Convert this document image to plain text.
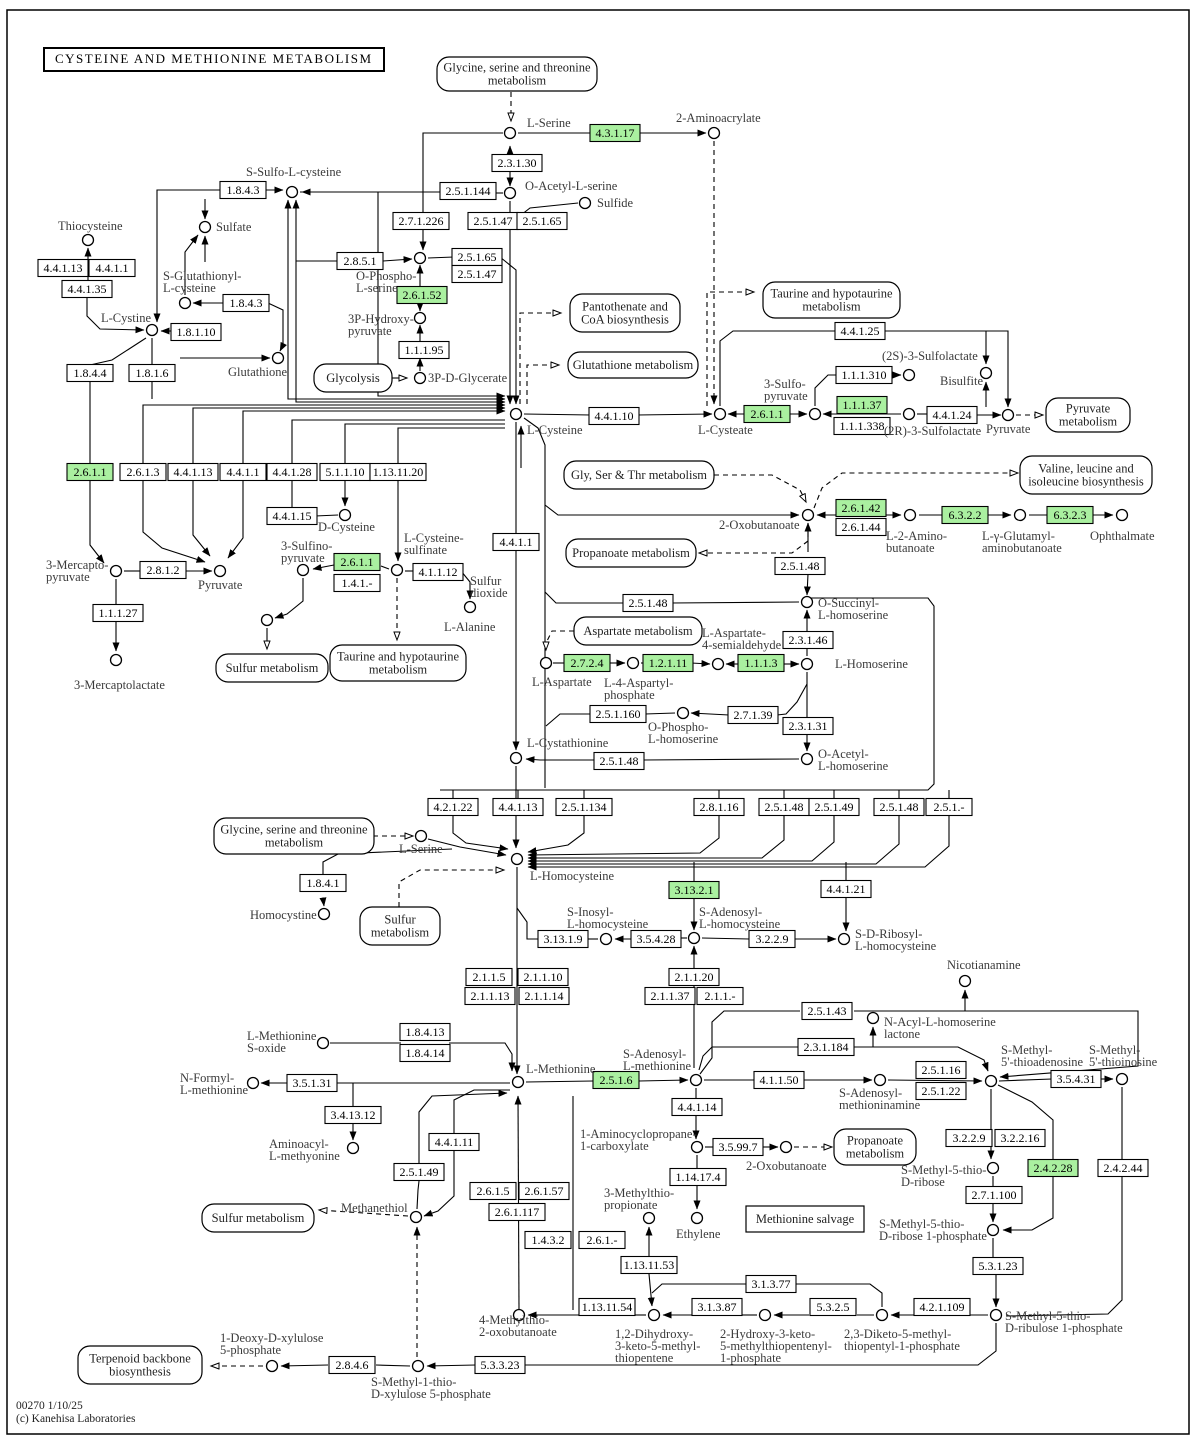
Glycine, serine and threonine metabolism
Pantothenate and CoA biosynthesis
Glutathione metabolism
Taurine and hypotaurine metabolism
Pyruvate metabolism
Glycolysis
Gly, Ser & Thr metabolism	Valine, leucine and isoleucine biosynthesis
Propanoate metabolism
Aspartate metabolism
Sulfur metabolism
Taurine and hypotaurine metabolism
Glycine, serine and threonine metabolism
Sulfur metabolism
Propanoate metabolism
Sulfur metabolism
Terpenoid backbone biosynthesis
Methionine salvage
2.3.1.30
4.3.1.17
2.5.1.144
2.7.1.226	2.5.1.47 2.5.1.65
2.5.1.65
2.5.1.47
1.8.4.3
4.4.1.13 4.4.1.1
4.4.1.35
1.8.1.10
1.8.4.3
1.8.4.4 1.8.1.6
2.8.5.1
2.6.1.52
1.1.1.95
4.4.1.10	2.6.1.1
1.1.1.37
1.1.1.338
1.1.1.310
4.4.1.24
4.4.1.25
2.6.1.1 2.6.1.3 4.4.1.13 4.4.1.1 4.4.1.28 5.1.1.10 1.13.11.20
4.4.1.15
4.4.1.1
2.8.1.2
2.6.1.1
1.4.1.-
4.1.1.12
1.1.1.27
2.6.1.42
2.6.1.44
6.3.2.2	6.3.2.3
2.5.1.48
2.5.1.48
2.3.1.46
2.7.2.4	1.2.1.11	1.1.1.3
2.5.1.160	2.7.1.39
2.3.1.31
2.5.1.48
4.2.1.22 4.4.1.13 2.5.1.134	2.8.1.16 2.5.1.48 2.5.1.49 2.5.1.48 2.5.1.-
1.8.4.1	3.13.2.1	4.4.1.21
3.13.1.9	3.5.4.28	3.2.2.9
2.1.1.5 2.1.1.10
2.1.1.13 2.1.1.14
2.1.1.20
2.1.1.37 2.1.1.-
2.5.1.43
2.3.1.184
1.8.4.13
1.8.4.14
3.5.1.31
3.4.13.12
4.4.1.11
2.5.1.49
2.5.1.6	4.1.1.50
2.5.1.16
2.5.1.22
4.4.1.14
3.5.99.7
1.14.17.4
3.5.4.31
3.2.2.9 3.2.2.16
2.4.2.28	2.4.2.44
2.7.1.100
2.6.1.5 2.6.1.57
2.6.1.117
1.4.3.2 2.6.1.-
1.13.11.53	5.3.1.23
3.1.3.77
1.13.11.54	3.1.3.87	5.3.2.5	4.2.1.109
2.8.4.6	5.3.3.23
L-Serine	2-Aminoacrylate
O-Acetyl-L-serine
Sulfide
S-Sulfo-L-cysteine
Sulfate
Thiocysteine
S-Glutathionyl-L-cysteine
L-Cystine
Glutathione
O-Phospho-L-serine
3P-Hydroxy-pyruvate
3P-D-Glycerate
L-Cysteine	L-Cysteate
3-Sulfo-pyruvate
(2S)-3-Sulfolactate
Bisulfite
(2R)-3-Sulfolactate Pyruvate
D-Cysteine
L-Cysteine-sulfinate
3-Sulfino-pyruvate
3-Mercapto-pyruvate
Pyruvate	Sulfur dioxide
L-Alanine
3-Mercaptolactate
2-Oxobutanoate
L-2-Amino-butanoate
L-γ-Glutamyl-aminobutanoate
Ophthalmate
L-Aspartate L-4-Aspartyl-phosphate
L-Aspartate-4-semialdehyde
L-Homoserine
O-Succinyl-L-homoserine
O-Phospho-L-homoserine
O-Acetyl-L-homoserine
L-Cystathionine
L-Serine
Homocystine
L-Homocysteine
S-Inosyl-L-homocysteine
S-Adenosyl-L-homocysteine
S-D-Ribosyl-L-homocysteine
Nicotianamine
N-Acyl-L-homoserine lactone
L-Methionine S-oxide
N-Formyl-L-methionine
L-Methionine
Aminoacyl-L-methyonine
S-Adenosyl-L-methionine
S-Adenosyl-methioninamine
S-Methyl-5'-thioadenosine
S-Methyl-5'-thioinosine
1-Aminocyclopropane-1-carboxylate
2-Oxobutanoate
Ethylene
3-Methylthio-propionate
Methanethiol
S-Methyl-5-thio-D-ribose
S-Methyl-5-thio-D-ribose 1-phosphate
S-Methyl-5-thio-D-ribulose 1-phosphate
2,3-Diketo-5-methyl-thiopentyl-1-phosphate
2-Hydroxy-3-keto-5-methylthiopentenyl-1-phosphate
1,2-Dihydroxy-3-keto-5-methyl-thiopentene
4-Methylthio-2-oxobutanoate
S-Methyl-1-thio-D-xylulose 5-phosphate
1-Deoxy-D-xylulose 5-phosphate
CYSTEINE AND METHIONINE METABOLISM
00270 1/10/25
(c) Kanehisa Laboratories
